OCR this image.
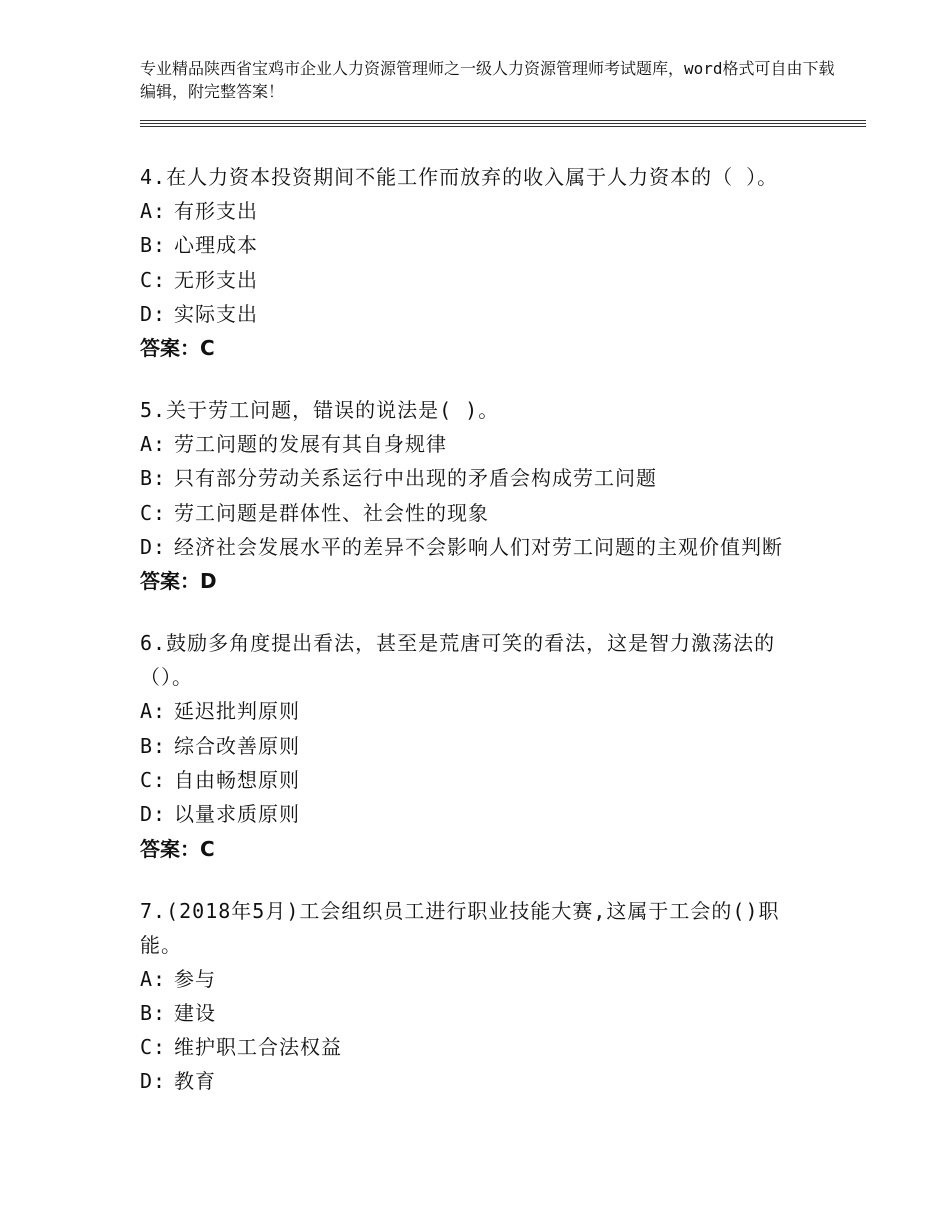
专业精品陕西省宝鸡市企业人力资源管理师之一级人力资源管理师考试题库，word格式可自由下载编辑，附完整答案！

4.在人力资本投资期间不能工作而放弃的收入属于人力资本的（ ）。

A: 有形支出

B: 心理成本

C: 无形支出

D: 实际支出

答案：C

5.关于劳工问题，错误的说法是( )。

A: 劳工问题的发展有其自身规律

B: 只有部分劳动关系运行中出现的矛盾会构成劳工问题

C: 劳工问题是群体性、社会性的现象

D: 经济社会发展水平的差异不会影响人们对劳工问题的主观价值判断

答案：D

6.鼓励多角度提出看法，甚至是荒唐可笑的看法，这是智力激荡法的（）。

A: 延迟批判原则

B: 综合改善原则

C: 自由畅想原则

D: 以量求质原则

答案：C

7.(2018年5月)工会组织员工进行职业技能大赛,这属于工会的()职能。

A: 参与

B: 建设

C: 维护职工合法权益

D: 教育
